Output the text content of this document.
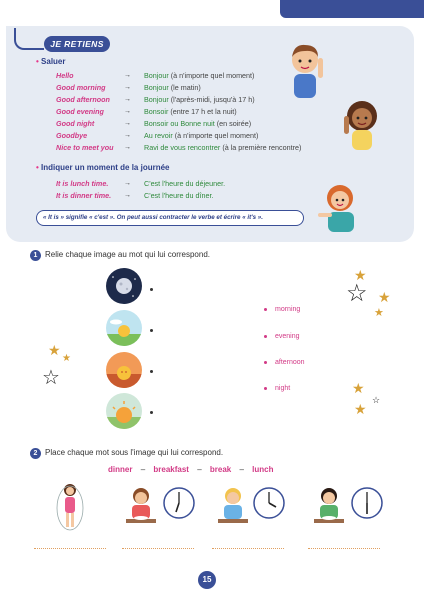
JE RETIENS
• Saluer
Hello	→ Bonjour (à n'importe quel moment)
Good morning	→ Bonjour (le matin)
Good afternoon → Bonjour (l'après-midi, jusqu'à 17 h)
Good evening	→ Bonsoir (entre 17 h et la nuit)
Good night	→ Bonsoir ou Bonne nuit (en soirée)
Goodbye	→ Au revoir (à n'importe quel moment)
Nice to meet you → Ravi de vous rencontrer (à la première rencontre)
• Indiquer un moment de la journée
It is lunch time. → C'est l'heure du déjeuner.
It is dinner time. → C'est l'heure du dîner.
« It is » signifie « c'est ». On peut aussi contracter le verbe et écrire « it's ».
1 Relie chaque image au mot qui lui correspond.
morning
evening
afternoon
night
★
★
☆
★
☆ ★
★
★
★
☆
2 Place chaque mot sous l'image qui lui correspond.
dinner – breakfast – break – lunch
15
